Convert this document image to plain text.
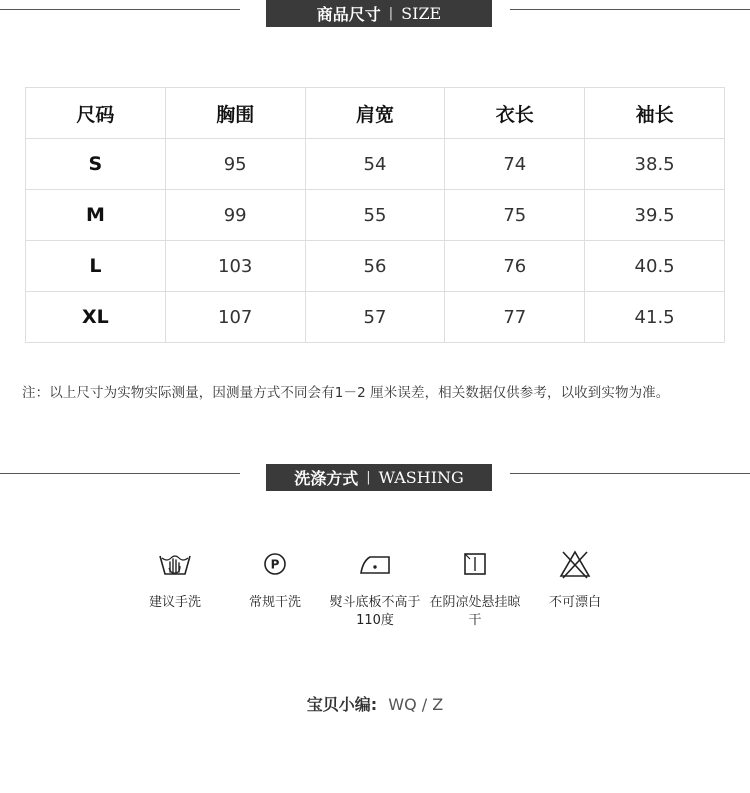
商品尺寸 | SIZE
尺码	胸围	肩宽	衣长	袖长
S	95	54	74	38.5
M	99	55	75	39.5
L	103	56	76	40.5
XL	107	57	77	41.5
注：以上尺寸为实物实际测量，因测量方式不同会有1－2 厘米误差，相关数据仅供参考，以收到实物为准。
洗涤方式 | WASHING
建议手洗
P
常规干洗	熨斗底板不高于110度
在阴凉处悬挂晾干
不可漂白
宝贝小编: WQ / Z
